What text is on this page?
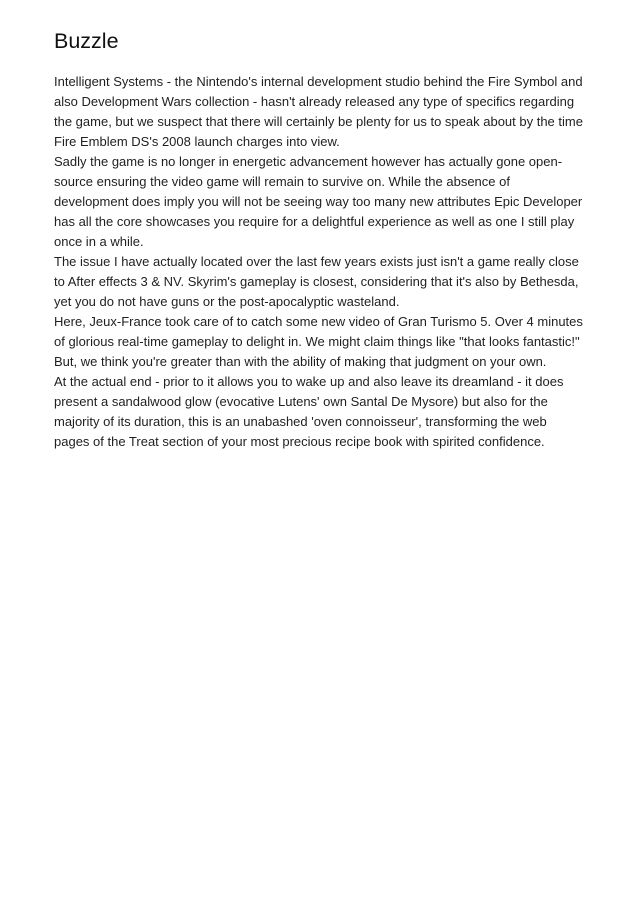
Buzzle

Intelligent Systems - the Nintendo's internal development studio behind the Fire Symbol and also Development Wars collection - hasn't already released any type of specifics regarding the game, but we suspect that there will certainly be plenty for us to speak about by the time Fire Emblem DS's 2008 launch charges into view.

Sadly the game is no longer in energetic advancement however has actually gone open-source ensuring the video game will remain to survive on. While the absence of development does imply you will not be seeing way too many new attributes Epic Developer has all the core showcases you require for a delightful experience as well as one I still play once in a while.

The issue I have actually located over the last few years exists just isn't a game really close to After effects 3 & NV. Skyrim's gameplay is closest, considering that it's also by Bethesda, yet you do not have guns or the post-apocalyptic wasteland.

Here, Jeux-France took care of to catch some new video of Gran Turismo 5. Over 4 minutes of glorious real-time gameplay to delight in. We might claim things like "that looks fantastic!" But, we think you're greater than with the ability of making that judgment on your own.

At the actual end - prior to it allows you to wake up and also leave its dreamland - it does present a sandalwood glow (evocative Lutens' own Santal De Mysore) but also for the majority of its duration, this is an unabashed 'oven connoisseur', transforming the web pages of the Treat section of your most precious recipe book with spirited confidence.
